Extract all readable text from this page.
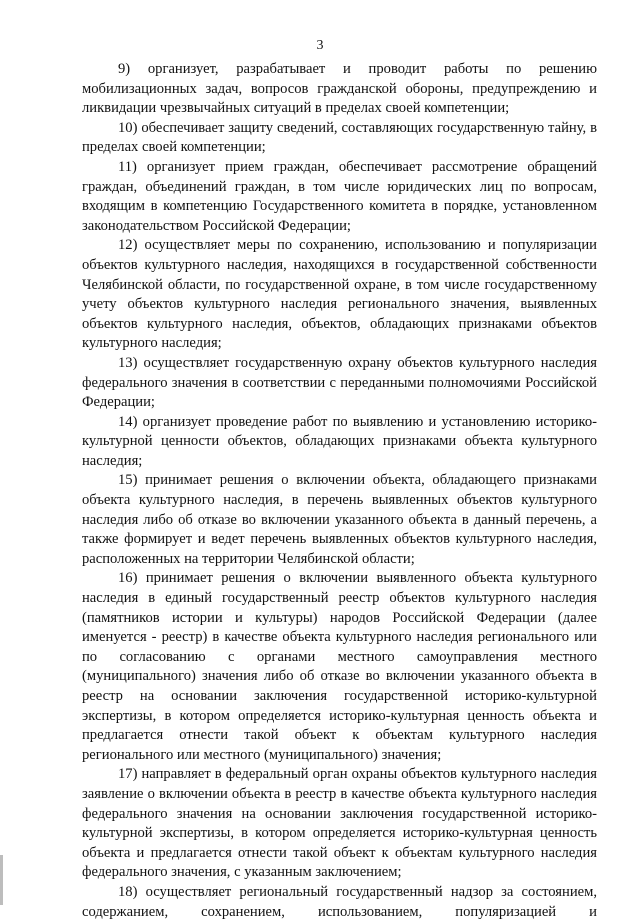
3

9) организует, разрабатывает и проводит работы по решению мобилизационных задач, вопросов гражданской обороны, предупреждению и ликвидации чрезвычайных ситуаций в пределах своей компетенции;

10) обеспечивает защиту сведений, составляющих государственную тайну, в пределах своей компетенции;

11) организует прием граждан, обеспечивает рассмотрение обращений граждан, объединений граждан, в том числе юридических лиц по вопросам, входящим в компетенцию Государственного комитета в порядке, установленном законодательством Российской Федерации;

12) осуществляет меры по сохранению, использованию и популяризации объектов культурного наследия, находящихся в государственной собственности Челябинской области, по государственной охране, в том числе государственному учету объектов культурного наследия регионального значения, выявленных объектов культурного наследия, объектов, обладающих признаками объектов культурного наследия;

13) осуществляет государственную охрану объектов культурного наследия федерального значения в соответствии с переданными полномочиями Российской Федерации;

14) организует проведение работ по выявлению и установлению историко-культурной ценности объектов, обладающих признаками объекта культурного наследия;

15) принимает решения о включении объекта, обладающего признаками объекта культурного наследия, в перечень выявленных объектов культурного наследия либо об отказе во включении указанного объекта в данный перечень, а также формирует и ведет перечень выявленных объектов культурного наследия, расположенных на территории Челябинской области;

16) принимает решения о включении выявленного объекта культурного наследия в единый государственный реестр объектов культурного наследия (памятников истории и культуры) народов Российской Федерации (далее именуется - реестр) в качестве объекта культурного наследия регионального или по согласованию с органами местного самоуправления местного (муниципального) значения либо об отказе во включении указанного объекта в реестр на основании заключения государственной историко-культурной экспертизы, в котором определяется историко-культурная ценность объекта и предлагается отнести такой объект к объектам культурного наследия регионального или местного (муниципального) значения;

17) направляет в федеральный орган охраны объектов культурного наследия заявление о включении объекта в реестр в качестве объекта культурного наследия федерального значения на основании заключения государственной историко-культурной экспертизы, в котором определяется историко-культурная ценность объекта и предлагается отнести такой объект к объектам культурного наследия федерального значения, с указанным заключением;

18) осуществляет региональный государственный надзор за состоянием, содержанием, сохранением, использованием, популяризацией и
